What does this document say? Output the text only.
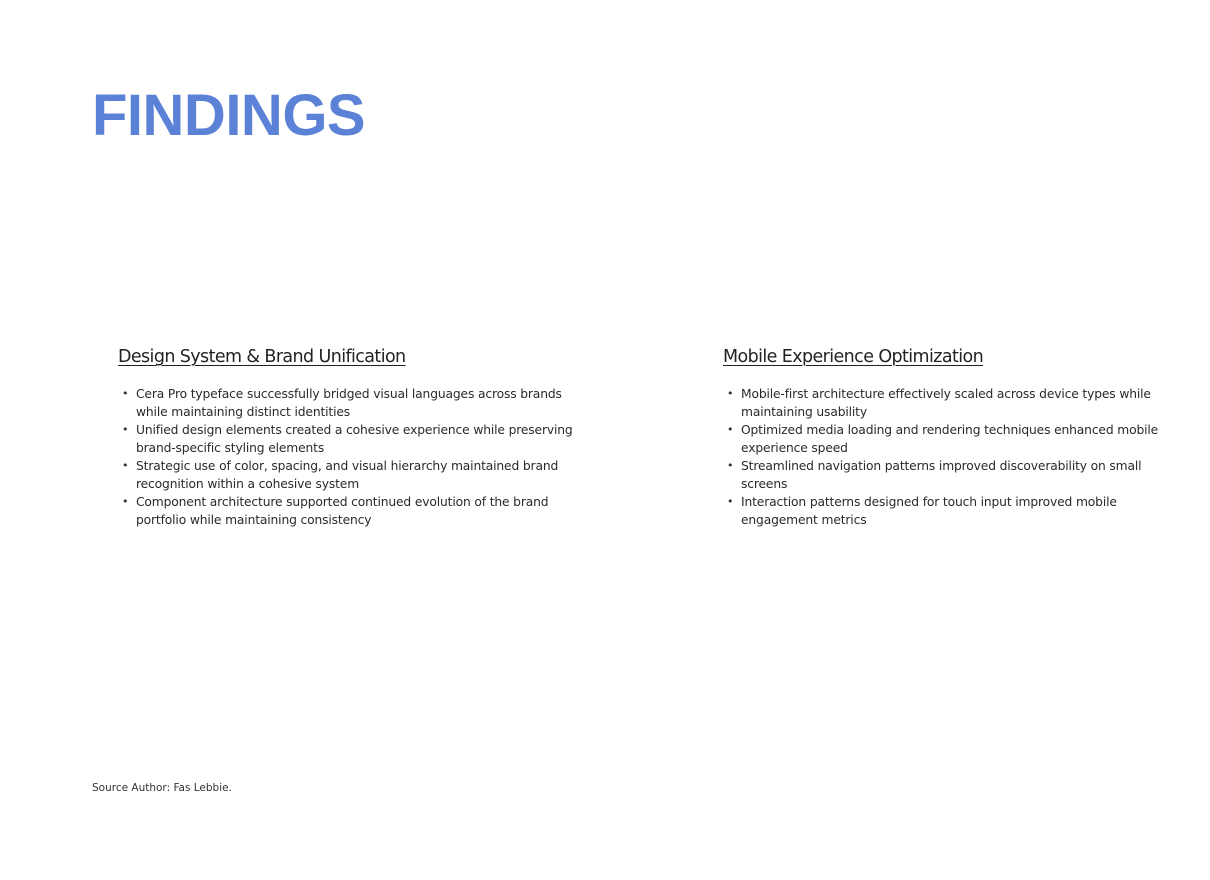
FINDINGS
Design System & Brand Unification
• Cera Pro typeface successfully bridged visual languages across brands while maintaining distinct identities
• Unified design elements created a cohesive experience while preserving brand-specific styling elements
• Strategic use of color, spacing, and visual hierarchy maintained brand recognition within a cohesive system
• Component architecture supported continued evolution of the brand portfolio while maintaining consistency
Mobile Experience Optimization
• Mobile-first architecture effectively scaled across device types while maintaining usability
• Optimized media loading and rendering techniques enhanced mobile experience speed
• Streamlined navigation patterns improved discoverability on small screens
• Interaction patterns designed for touch input improved mobile engagement metrics

Source Author: Fas Lebbie.
